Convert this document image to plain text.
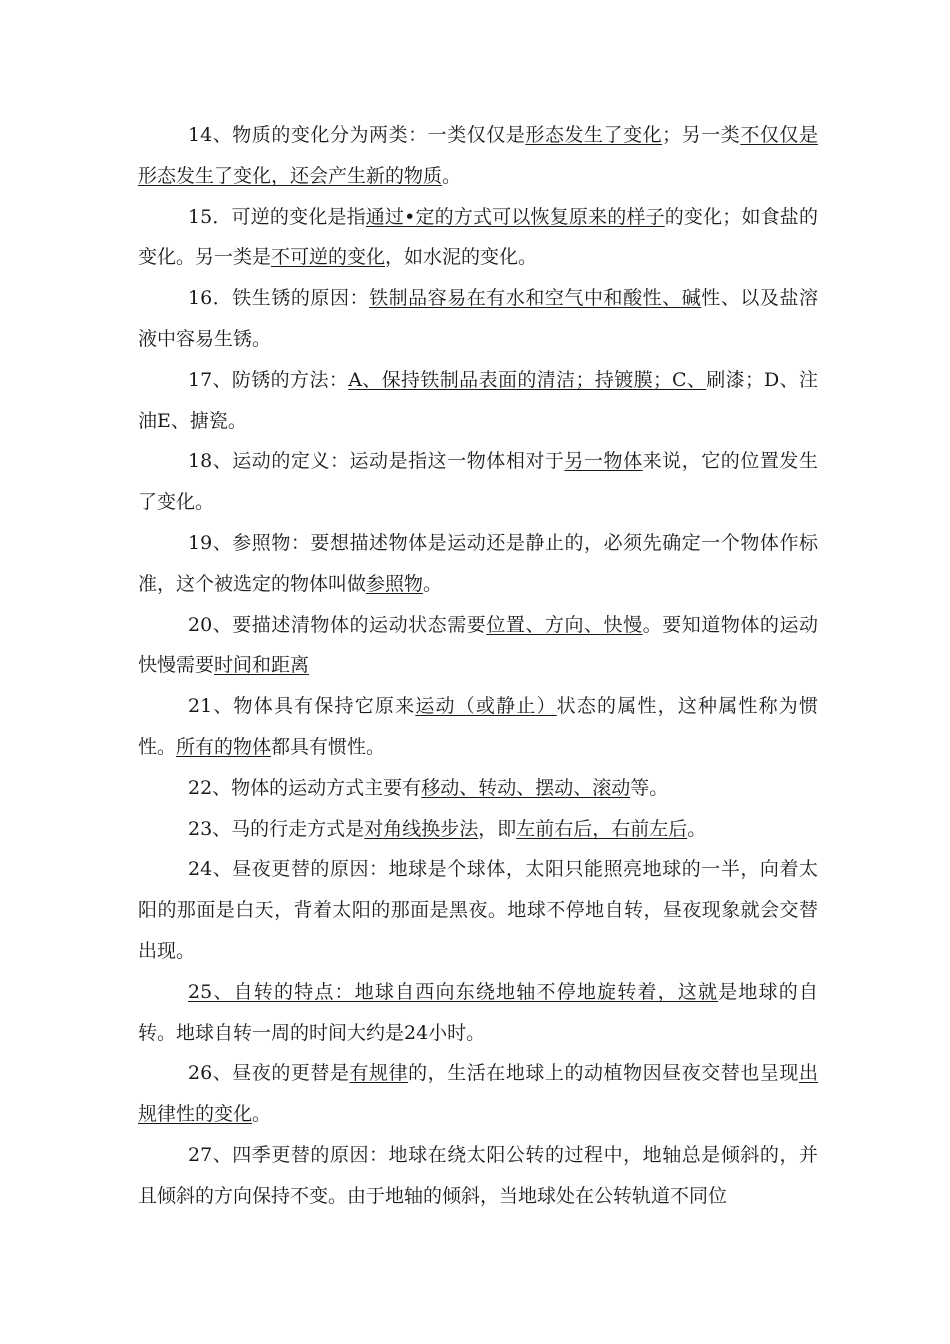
14、物质的变化分为两类：一类仅仅是形态发生了变化；另一类不仅仅是形态发生了变化，还会产生新的物质。

15．可逆的变化是指通过•定的方式可以恢复原来的样子的变化；如食盐的变化。另一类是不可逆的变化，如水泥的变化。

16．铁生锈的原因：铁制品容易在有水和空气中和酸性、碱性、以及盐溶液中容易生锈。

17、防锈的方法：A、保持铁制品表面的清洁；持镀膜；C、刷漆；D、注油E、搪瓷。

18、运动的定义：运动是指这一物体相对于另一物体来说，它的位置发生了变化。

19、参照物：要想描述物体是运动还是静止的，必须先确定一个物体作标准，这个被选定的物体叫做参照物。

20、要描述清物体的运动状态需要位置、方向、快慢。要知道物体的运动快慢需要时间和距离

21、物体具有保持它原来运动（或静止）状态的属性，这种属性称为惯性。所有的物体都具有惯性。

22、物体的运动方式主要有移动、转动、摆动、滚动等。

23、马的行走方式是对角线换步法，即左前右后，右前左后。

24、昼夜更替的原因：地球是个球体，太阳只能照亮地球的一半，向着太阳的那面是白天，背着太阳的那面是黑夜。地球不停地自转，昼夜现象就会交替出现。

25、自转的特点：地球自西向东绕地轴不停地旋转着，这就是地球的自转。地球自转一周的时间大约是24小时。

26、昼夜的更替是有规律的，生活在地球上的动植物因昼夜交替也呈现出规律性的变化。

27、四季更替的原因：地球在绕太阳公转的过程中，地轴总是倾斜的，并且倾斜的方向保持不变。由于地轴的倾斜，当地球处在公转轨道不同位
